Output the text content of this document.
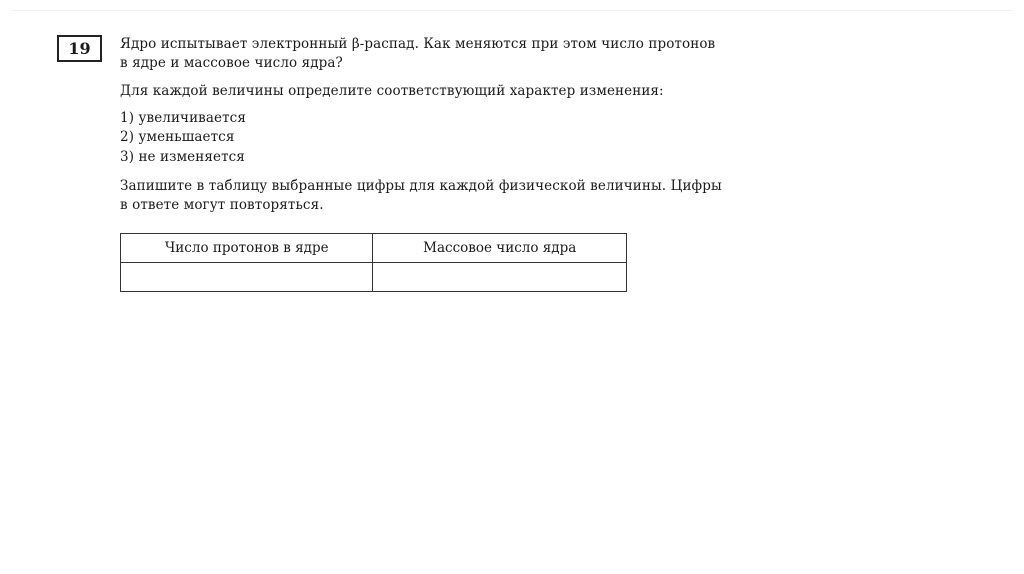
19	Ядро испытывает электронный β-распад. Как меняются при этом число протонов
в ядре и массовое число ядра?
Для каждой величины определите соответствующий характер изменения:
1) увеличивается
2) уменьшается
3) не изменяется
Запишите в таблицу выбранные цифры для каждой физической величины. Цифры
в ответе могут повторяться.
Число протонов в ядре	Массовое число ядра
